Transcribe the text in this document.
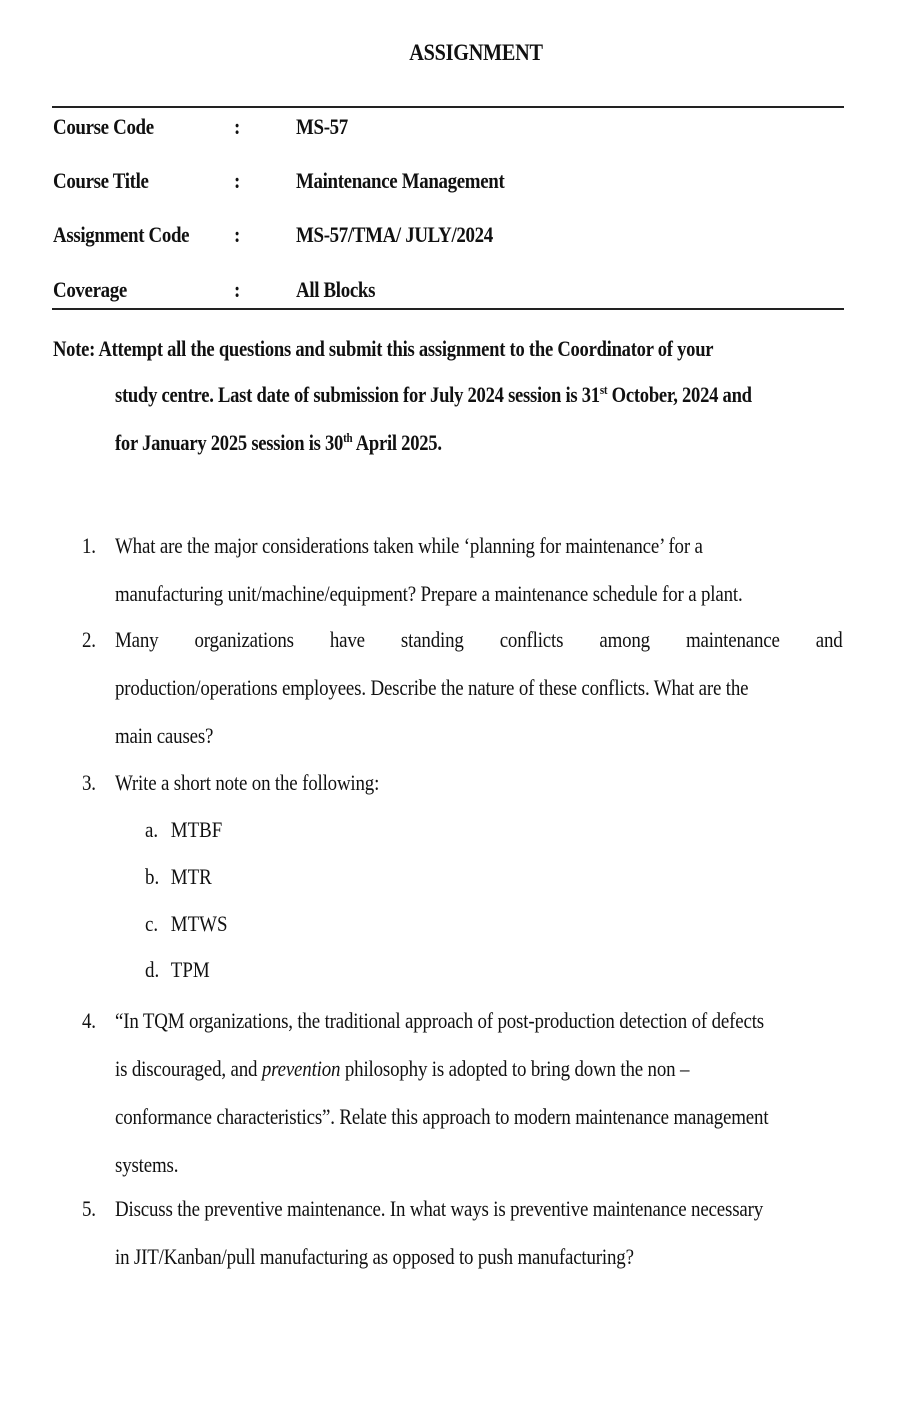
ASSIGNMENT
Course Code	:	MS-57
Course Title	:	Maintenance Management
Assignment Code :	MS-57/TMA/ JULY/2024
Coverage	:	All Blocks
Note: Attempt all the questions and submit this assignment to the Coordinator of your
study centre. Last date of submission for July 2024 session is 31st October, 2024 and
for January 2025 session is 30th April 2025.
1. What are the major considerations taken while ‘planning for maintenance’ for a
manufacturing unit/machine/equipment? Prepare a maintenance schedule for a plant.
2. Many organizations have standing conflicts among maintenance and
production/operations employees. Describe the nature of these conflicts. What are the
main causes?
3. Write a short note on the following:
a. MTBF
b. MTR
c. MTWS
d. TPM
4. “In TQM organizations, the traditional approach of post-production detection of defects
is discouraged, and prevention philosophy is adopted to bring down the non –
conformance characteristics”. Relate this approach to modern maintenance management
systems.
5. Discuss the preventive maintenance. In what ways is preventive maintenance necessary
in JIT/Kanban/pull manufacturing as opposed to push manufacturing?
